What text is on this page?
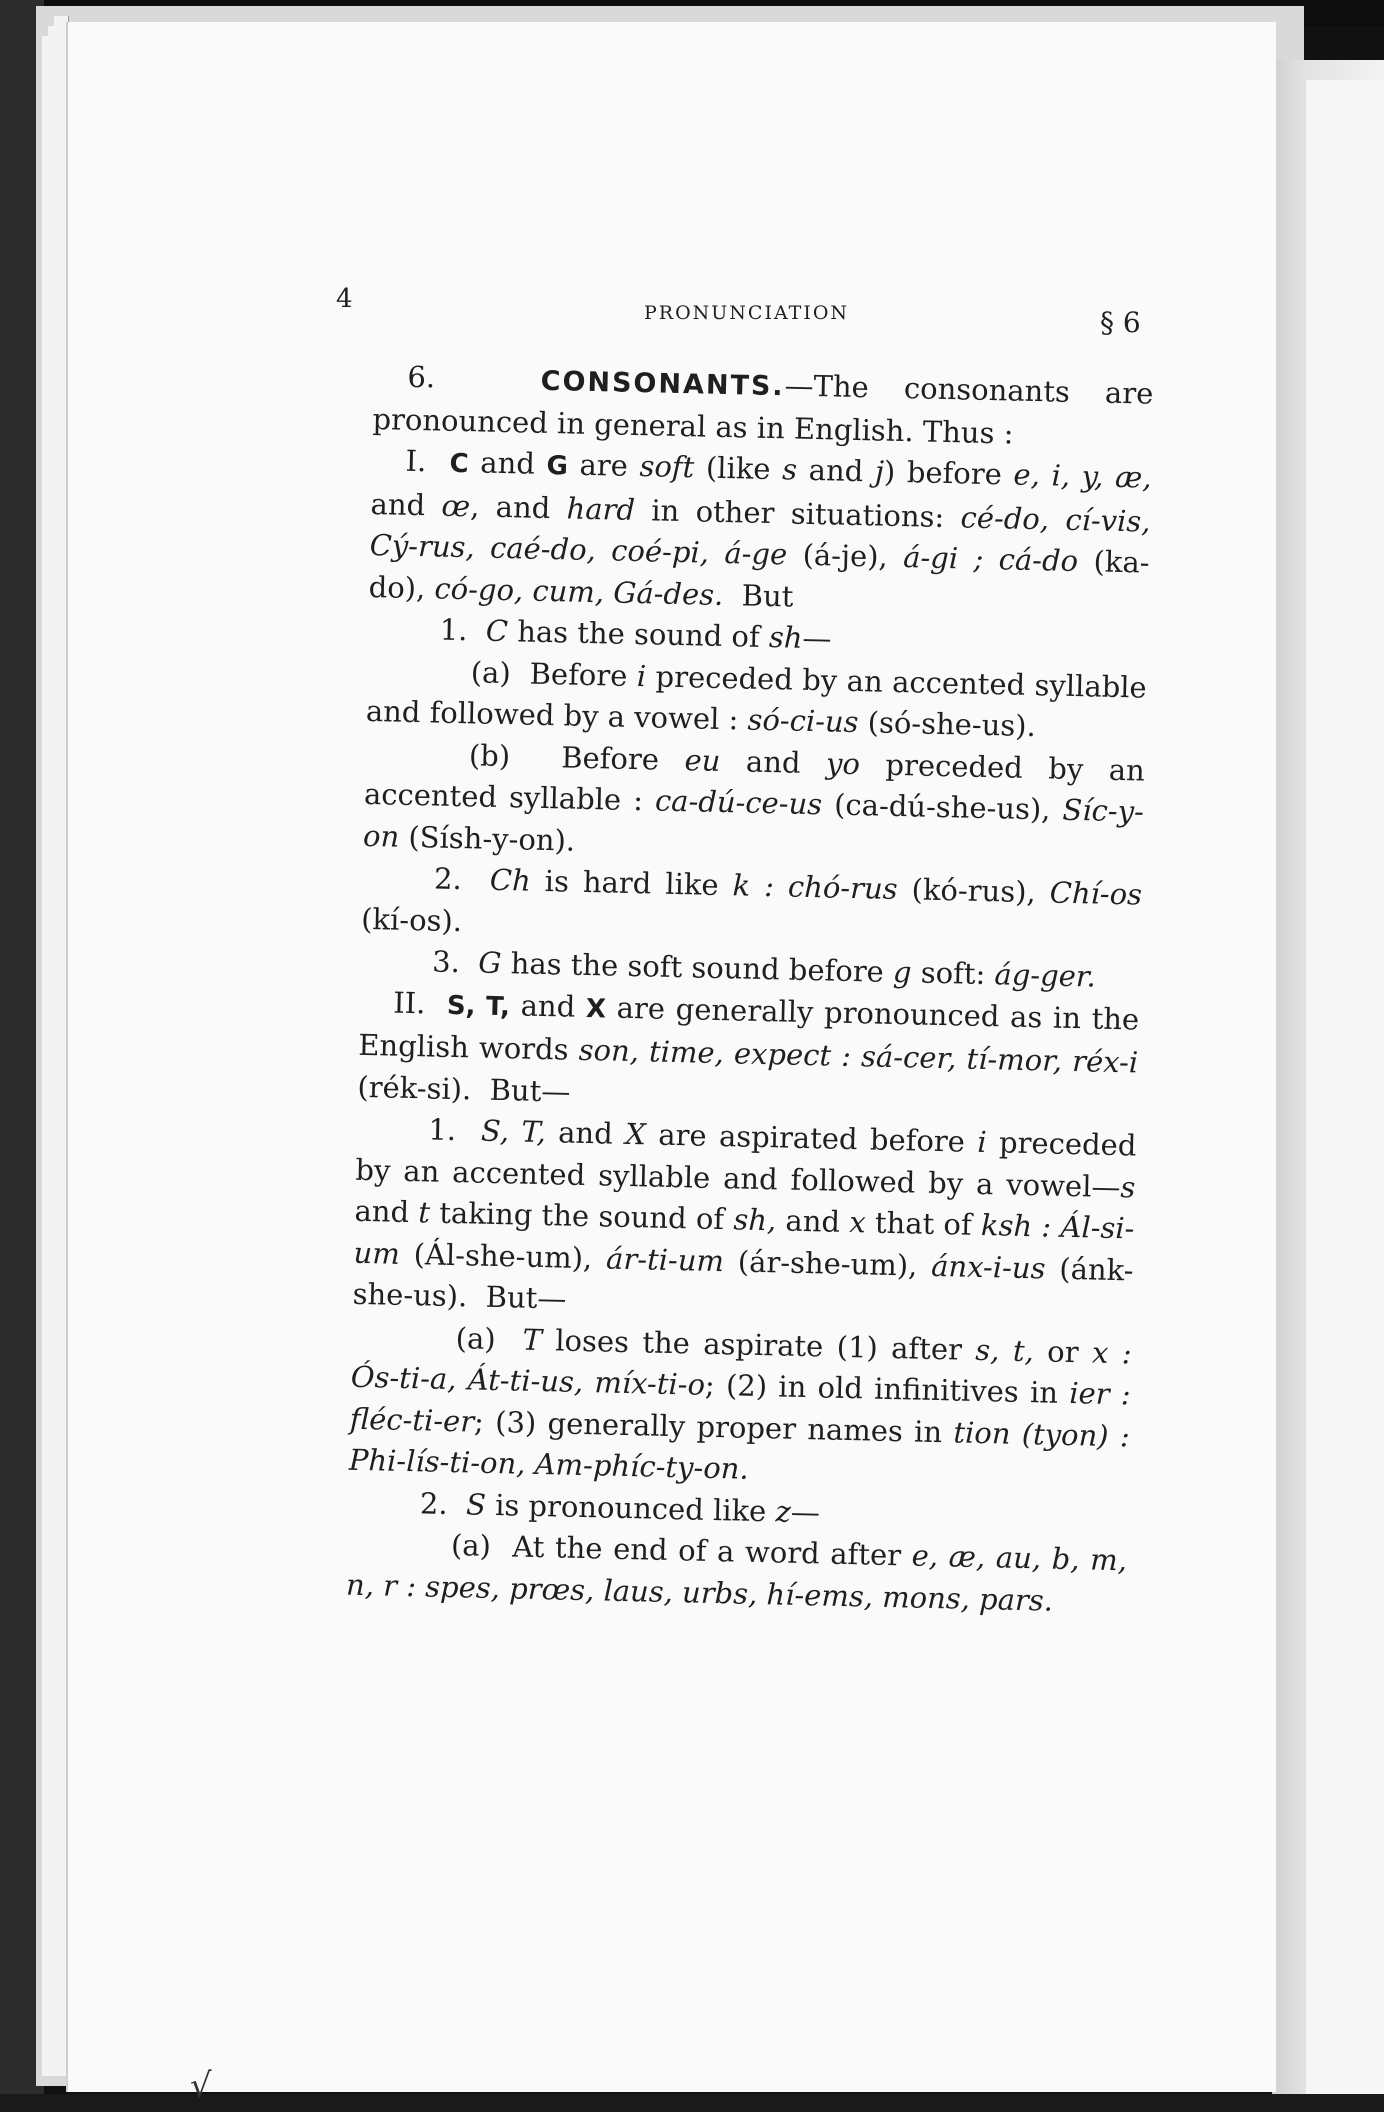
4	PRONUNCIATION	§ 6

6.	CONSONANTS.—The consonants are pronounced in general as in English. Thus :

I. C and G are soft (like s and j) before e, i, y, æ, and œ, and hard in other situations: cé-do, cí-vis, Cý-rus, caé-do, coé-pi, á-ge (á-je), á-gi ; cá-do (ka-do), có-go, cum, Gá-des. But

1. C has the sound of sh—

(a) Before i preceded by an accented syllable and followed by a vowel : só-ci-us (só-she-us).

(b) Before eu and yo preceded by an accented syllable : ca-dú-ce-us (ca-dú-she-us), Síc-y-on (Sísh-y-on).

2. Ch is hard like k : chó-rus (kó-rus), Chí-os (kí-os).

3. G has the soft sound before g soft: ág-ger.

II. S, T, and X are generally pronounced as in the English words son, time, expect : sá-cer, tí-mor, réx-i (rék-si). But—

1. S, T, and X are aspirated before i preceded by an accented syllable and followed by a vowel—s and t taking the sound of sh, and x that of ksh : Ál-si-um (Ál-she-um), ár-ti-um (ár-she-um), ánx-i-us (ánk-she-us). But—

(a) T loses the aspirate (1) after s, t, or x : Ós-ti-a, Át-ti-us, míx-ti-o; (2) in old infinitives in ier : fléc-ti-er; (3) generally proper names in tion (tyon) : Phi-lís-ti-on, Am-phíc-ty-on.

2. S is pronounced like z—

(a) At the end of a word after e, æ, au, b, m, n, r : spes, prœs, laus, urbs, hí-ems, mons, pars.

√
